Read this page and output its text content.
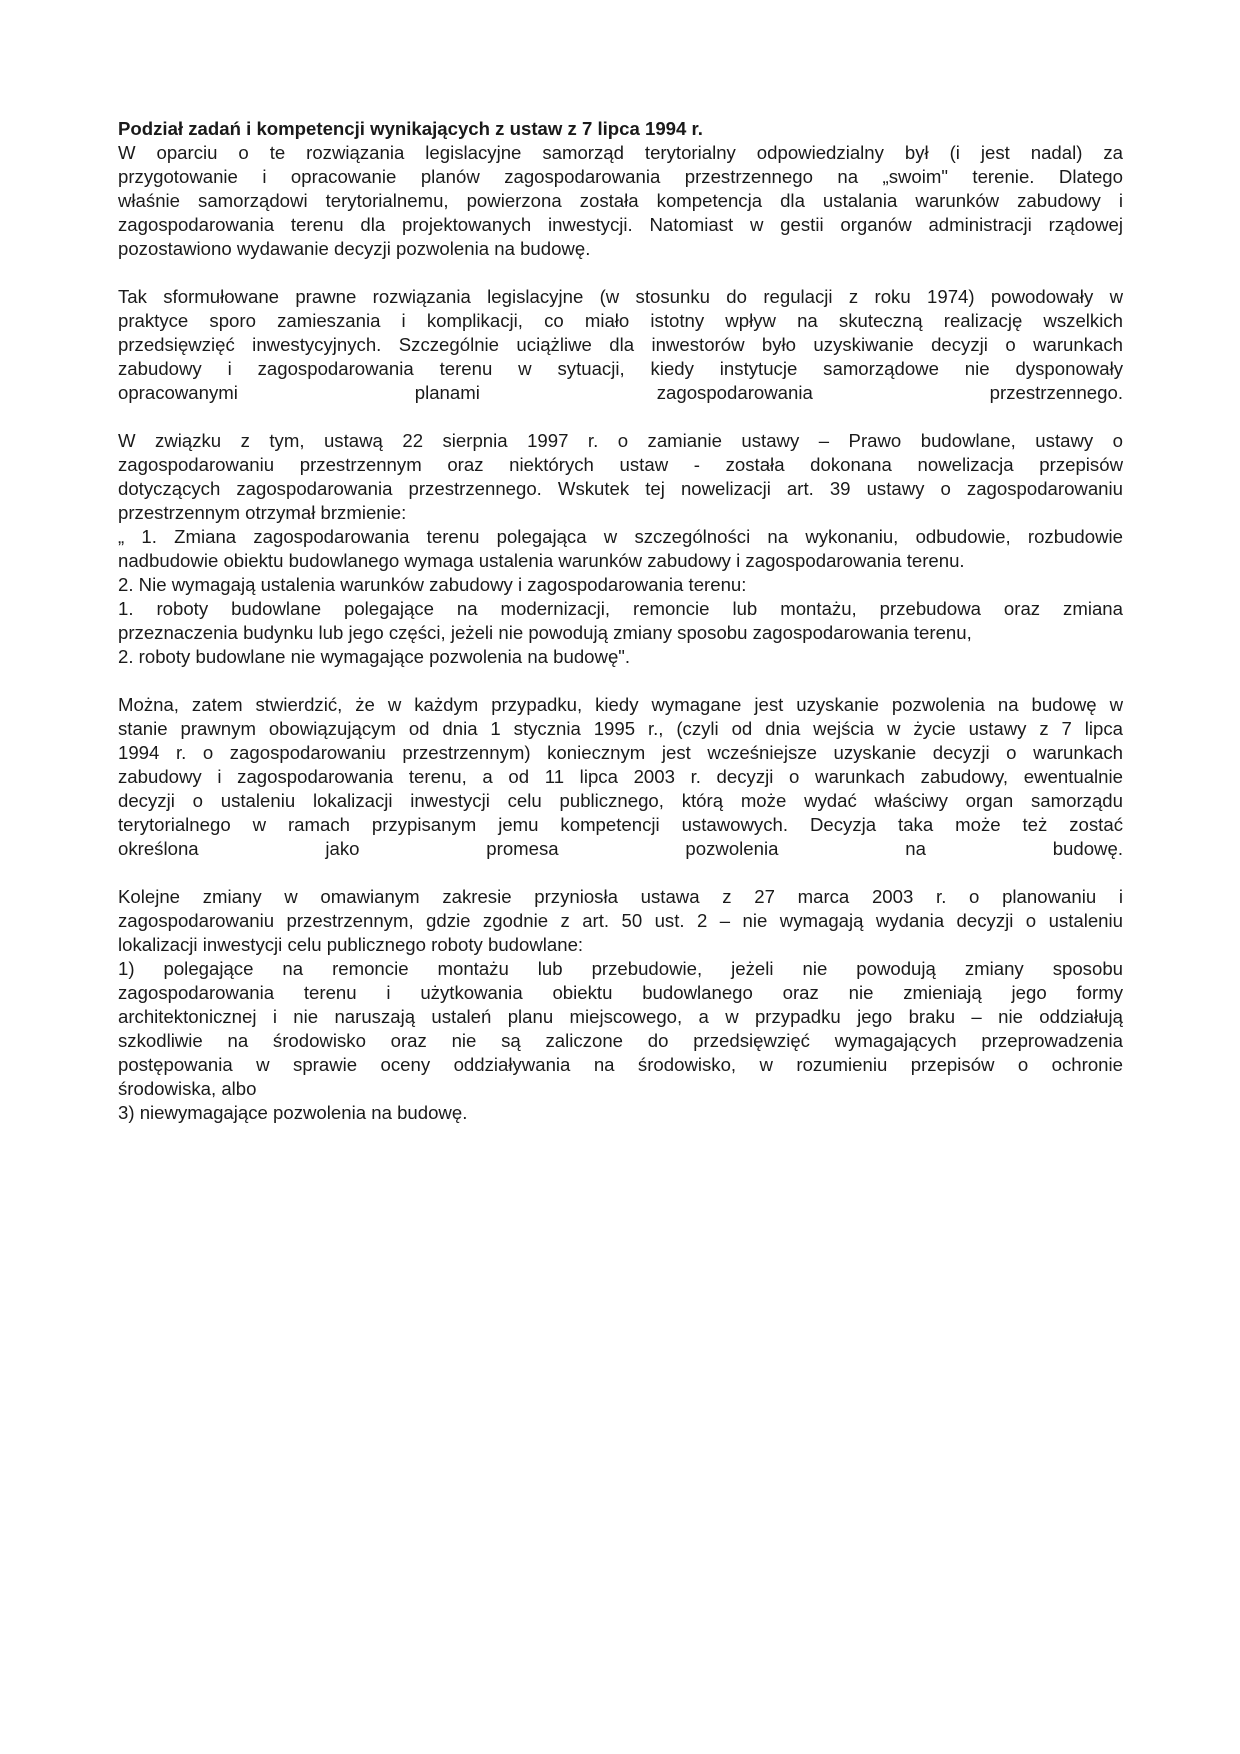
Podział zadań i kompetencji wynikających z ustaw z 7 lipca 1994 r.
W oparciu o te rozwiązania legislacyjne samorząd terytorialny odpowiedzialny był (i jest nadal) za
przygotowanie i opracowanie planów zagospodarowania przestrzennego na „swoim" terenie. Dlatego
właśnie samorządowi terytorialnemu, powierzona została kompetencja dla ustalania warunków zabudowy i
zagospodarowania terenu dla projektowanych inwestycji. Natomiast w gestii organów administracji rządowej
pozostawiono wydawanie decyzji pozwolenia na budowę.
Tak sformułowane prawne rozwiązania legislacyjne (w stosunku do regulacji z roku 1974) powodowały w
praktyce sporo zamieszania i komplikacji, co miało istotny wpływ na skuteczną realizację wszelkich
przedsięwzięć inwestycyjnych. Szczególnie uciążliwe dla inwestorów było uzyskiwanie decyzji o warunkach
zabudowy i zagospodarowania terenu w sytuacji, kiedy instytucje samorządowe nie dysponowały
opracowanymi planami zagospodarowania przestrzennego.
W związku z tym, ustawą 22 sierpnia 1997 r. o zamianie ustawy – Prawo budowlane, ustawy o
zagospodarowaniu przestrzennym oraz niektórych ustaw - została dokonana nowelizacja przepisów
dotyczących zagospodarowania przestrzennego. Wskutek tej nowelizacji art. 39 ustawy o zagospodarowaniu
przestrzennym otrzymał brzmienie:
„ 1. Zmiana zagospodarowania terenu polegająca w szczególności na wykonaniu, odbudowie, rozbudowie
nadbudowie obiektu budowlanego wymaga ustalenia warunków zabudowy i zagospodarowania terenu.
2. Nie wymagają ustalenia warunków zabudowy i zagospodarowania terenu:
1. roboty budowlane polegające na modernizacji, remoncie lub montażu, przebudowa oraz zmiana
przeznaczenia budynku lub jego części, jeżeli nie powodują zmiany sposobu zagospodarowania terenu,
2. roboty budowlane nie wymagające pozwolenia na budowę".
Można, zatem stwierdzić, że w każdym przypadku, kiedy wymagane jest uzyskanie pozwolenia na budowę w
stanie prawnym obowiązującym od dnia 1 stycznia 1995 r., (czyli od dnia wejścia w życie ustawy z 7 lipca
1994 r. o zagospodarowaniu przestrzennym) koniecznym jest wcześniejsze uzyskanie decyzji o warunkach
zabudowy i zagospodarowania terenu, a od 11 lipca 2003 r. decyzji o warunkach zabudowy, ewentualnie
decyzji o ustaleniu lokalizacji inwestycji celu publicznego, którą może wydać właściwy organ samorządu
terytorialnego w ramach przypisanym jemu kompetencji ustawowych. Decyzja taka może też zostać
określona jako promesa pozwolenia na budowę.
Kolejne zmiany w omawianym zakresie przyniosła ustawa z 27 marca 2003 r. o planowaniu i
zagospodarowaniu przestrzennym, gdzie zgodnie z art. 50 ust. 2 – nie wymagają wydania decyzji o ustaleniu
lokalizacji inwestycji celu publicznego roboty budowlane:
1) polegające na remoncie montażu lub przebudowie, jeżeli nie powodują zmiany sposobu
zagospodarowania terenu i użytkowania obiektu budowlanego oraz nie zmieniają jego formy
architektonicznej i nie naruszają ustaleń planu miejscowego, a w przypadku jego braku – nie oddziałują
szkodliwie na środowisko oraz nie są zaliczone do przedsięwzięć wymagających przeprowadzenia
postępowania w sprawie oceny oddziaływania na środowisko, w rozumieniu przepisów o ochronie
środowiska, albo
3) niewymagające pozwolenia na budowę.
